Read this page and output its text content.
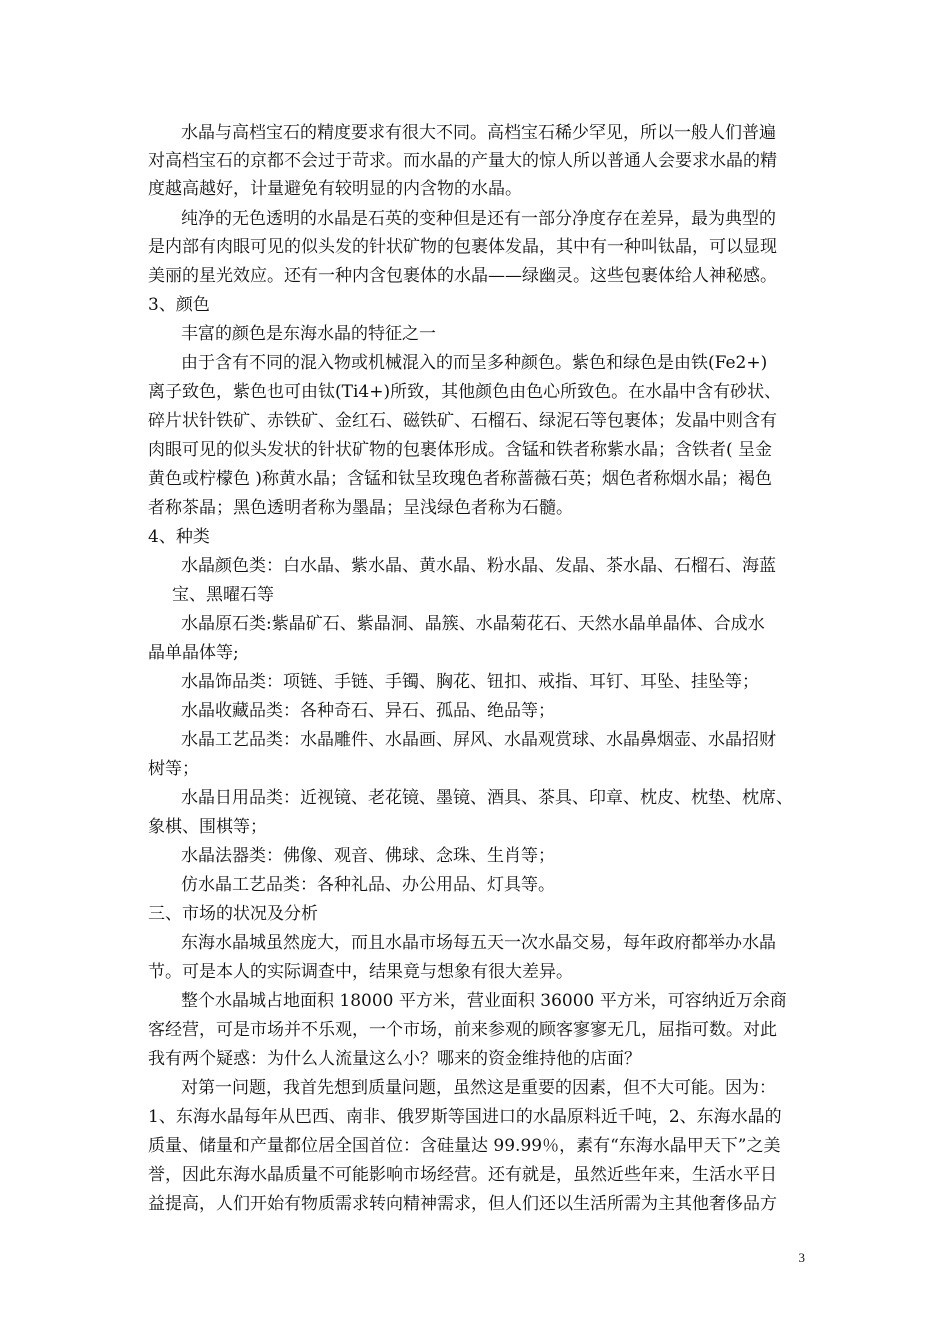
水晶与高档宝石的精度要求有很大不同。高档宝石稀少罕见，所以一般人们普遍
对高档宝石的京都不会过于苛求。而水晶的产量大的惊人所以普通人会要求水晶的精
度越高越好，计量避免有较明显的内含物的水晶。
纯净的无色透明的水晶是石英的变种但是还有一部分净度存在差异，最为典型的
是内部有肉眼可见的似头发的针状矿物的包裹体发晶，其中有一种叫钛晶，可以显现
美丽的星光效应。还有一种内含包裹体的水晶——绿幽灵。这些包裹体给人神秘感。
3、颜色
丰富的颜色是东海水晶的特征之一
由于含有不同的混入物或机械混入的而呈多种颜色。紫色和绿色是由铁(Fe2+)
离子致色，紫色也可由钛(Ti4+)所致，其他颜色由色心所致色。在水晶中含有砂状、
碎片状针铁矿、赤铁矿、金红石、磁铁矿、石榴石、绿泥石等包裹体；发晶中则含有
肉眼可见的似头发状的针状矿物的包裹体形成。含锰和铁者称紫水晶；含铁者( 呈金
黄色或柠檬色 )称黄水晶；含锰和钛呈玫瑰色者称蔷薇石英；烟色者称烟水晶；褐色
者称茶晶；黑色透明者称为墨晶；呈浅绿色者称为石髓。
4、种类
水晶颜色类：白水晶、紫水晶、黄水晶、粉水晶、发晶、茶水晶、石榴石、海蓝
宝、黑曜石等
水晶原石类:紫晶矿石、紫晶洞、晶簇、水晶菊花石、天然水晶单晶体、合成水
晶单晶体等;
水晶饰品类：项链、手链、手镯、胸花、钮扣、戒指、耳钉、耳坠、挂坠等；
水晶收藏品类：各种奇石、异石、孤品、绝品等；
水晶工艺品类：水晶雕件、水晶画、屏风、水晶观赏球、水晶鼻烟壶、水晶招财
树等；
水晶日用品类：近视镜、老花镜、墨镜、酒具、茶具、印章、枕皮、枕垫、枕席、
象棋、围棋等；
水晶法器类：佛像、观音、佛球、念珠、生肖等；
仿水晶工艺品类：各种礼品、办公用品、灯具等。
三、市场的状况及分析
东海水晶城虽然庞大，而且水晶市场每五天一次水晶交易，每年政府都举办水晶
节。可是本人的实际调查中，结果竟与想象有很大差异。
整个水晶城占地面积 18000 平方米，营业面积 36000 平方米，可容纳近万余商
客经营，可是市场并不乐观，一个市场，前来参观的顾客寥寥无几，屈指可数。对此
我有两个疑惑：为什么人流量这么小？哪来的资金维持他的店面？
对第一问题，我首先想到质量问题，虽然这是重要的因素，但不大可能。因为：
1、东海水晶每年从巴西、南非、俄罗斯等国进口的水晶原料近千吨，2、东海水晶的
质量、储量和产量都位居全国首位：含硅量达 99.99％，素有“东海水晶甲天下”之美
誉，因此东海水晶质量不可能影响市场经营。还有就是，虽然近些年来，生活水平日
益提高，人们开始有物质需求转向精神需求，但人们还以生活所需为主其他奢侈品方
3
